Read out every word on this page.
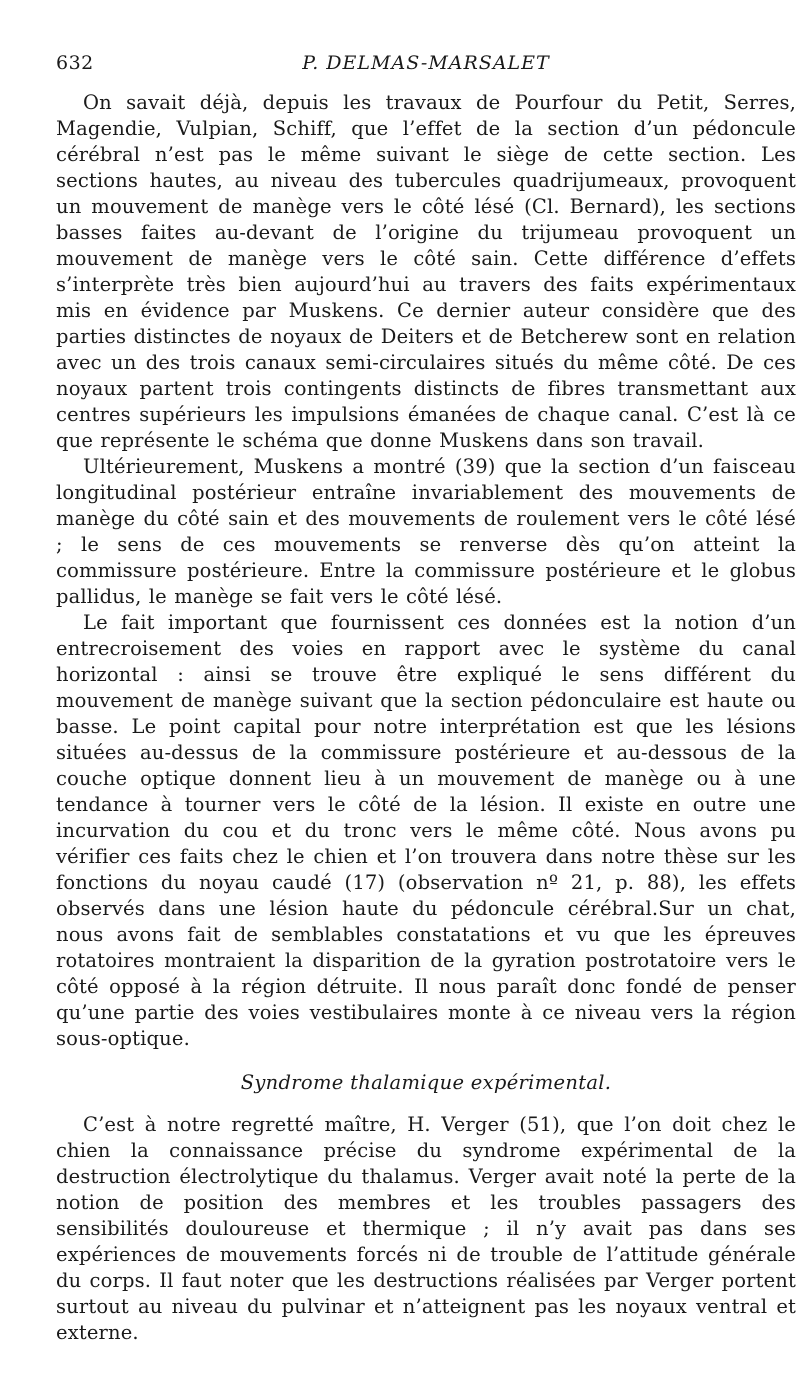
632	P. DELMAS-MARSALET

On savait déjà, depuis les travaux de Pourfour du Petit, Serres, Magendie, Vulpian, Schiff, que l’effet de la section d’un pédoncule cérébral n’est pas le même suivant le siège de cette section. Les sections hautes, au niveau des tubercules quadrijumeaux, provoquent un mouvement de manège vers le côté lésé (Cl. Bernard), les sections basses faites au-devant de l’origine du trijumeau provoquent un mouvement de manège vers le côté sain. Cette différence d’effets s’interprète très bien aujourd’hui au travers des faits expérimentaux mis en évidence par Muskens. Ce dernier auteur considère que des parties distinctes de noyaux de Deiters et de Betcherew sont en relation avec un des trois canaux semi-circulaires situés du même côté. De ces noyaux partent trois contingents distincts de fibres transmettant aux centres supérieurs les impulsions émanées de chaque canal. C’est là ce que représente le schéma que donne Muskens dans son travail.

Ultérieurement, Muskens a montré (39) que la section d’un faisceau longitudinal postérieur entraîne invariablement des mouvements de manège du côté sain et des mouvements de roulement vers le côté lésé ; le sens de ces mouvements se renverse dès qu’on atteint la commissure postérieure. Entre la commissure postérieure et le globus pallidus, le manège se fait vers le côté lésé.

Le fait important que fournissent ces données est la notion d’un entrecroisement des voies en rapport avec le système du canal horizontal : ainsi se trouve être expliqué le sens différent du mouvement de manège suivant que la section pédonculaire est haute ou basse. Le point capital pour notre interprétation est que les lésions situées au-dessus de la commissure postérieure et au-dessous de la couche optique donnent lieu à un mouvement de manège ou à une tendance à tourner vers le côté de la lésion. Il existe en outre une incurvation du cou et du tronc vers le même côté. Nous avons pu vérifier ces faits chez le chien et l’on trouvera dans notre thèse sur les fonctions du noyau caudé (17) (observation nº 21, p. 88), les effets observés dans une lésion haute du pédoncule cérébral.Sur un chat, nous avons fait de semblables constatations et vu que les épreuves rotatoires montraient la disparition de la gyration postrotatoire vers le côté opposé à la région détruite. Il nous paraît donc fondé de penser qu’une partie des voies vestibulaires monte à ce niveau vers la région sous-optique.

Syndrome thalamique expérimental.

C’est à notre regretté maître, H. Verger (51), que l’on doit chez le chien la connaissance précise du syndrome expérimental de la destruction électrolytique du thalamus. Verger avait noté la perte de la notion de position des membres et les troubles passagers des sensibilités douloureuse et thermique ; il n’y avait pas dans ses expériences de mouvements forcés ni de trouble de l’attitude générale du corps. Il faut noter que les destructions réalisées par Verger portent surtout au niveau du pulvinar et n’atteignent pas les noyaux ventral et externe.
